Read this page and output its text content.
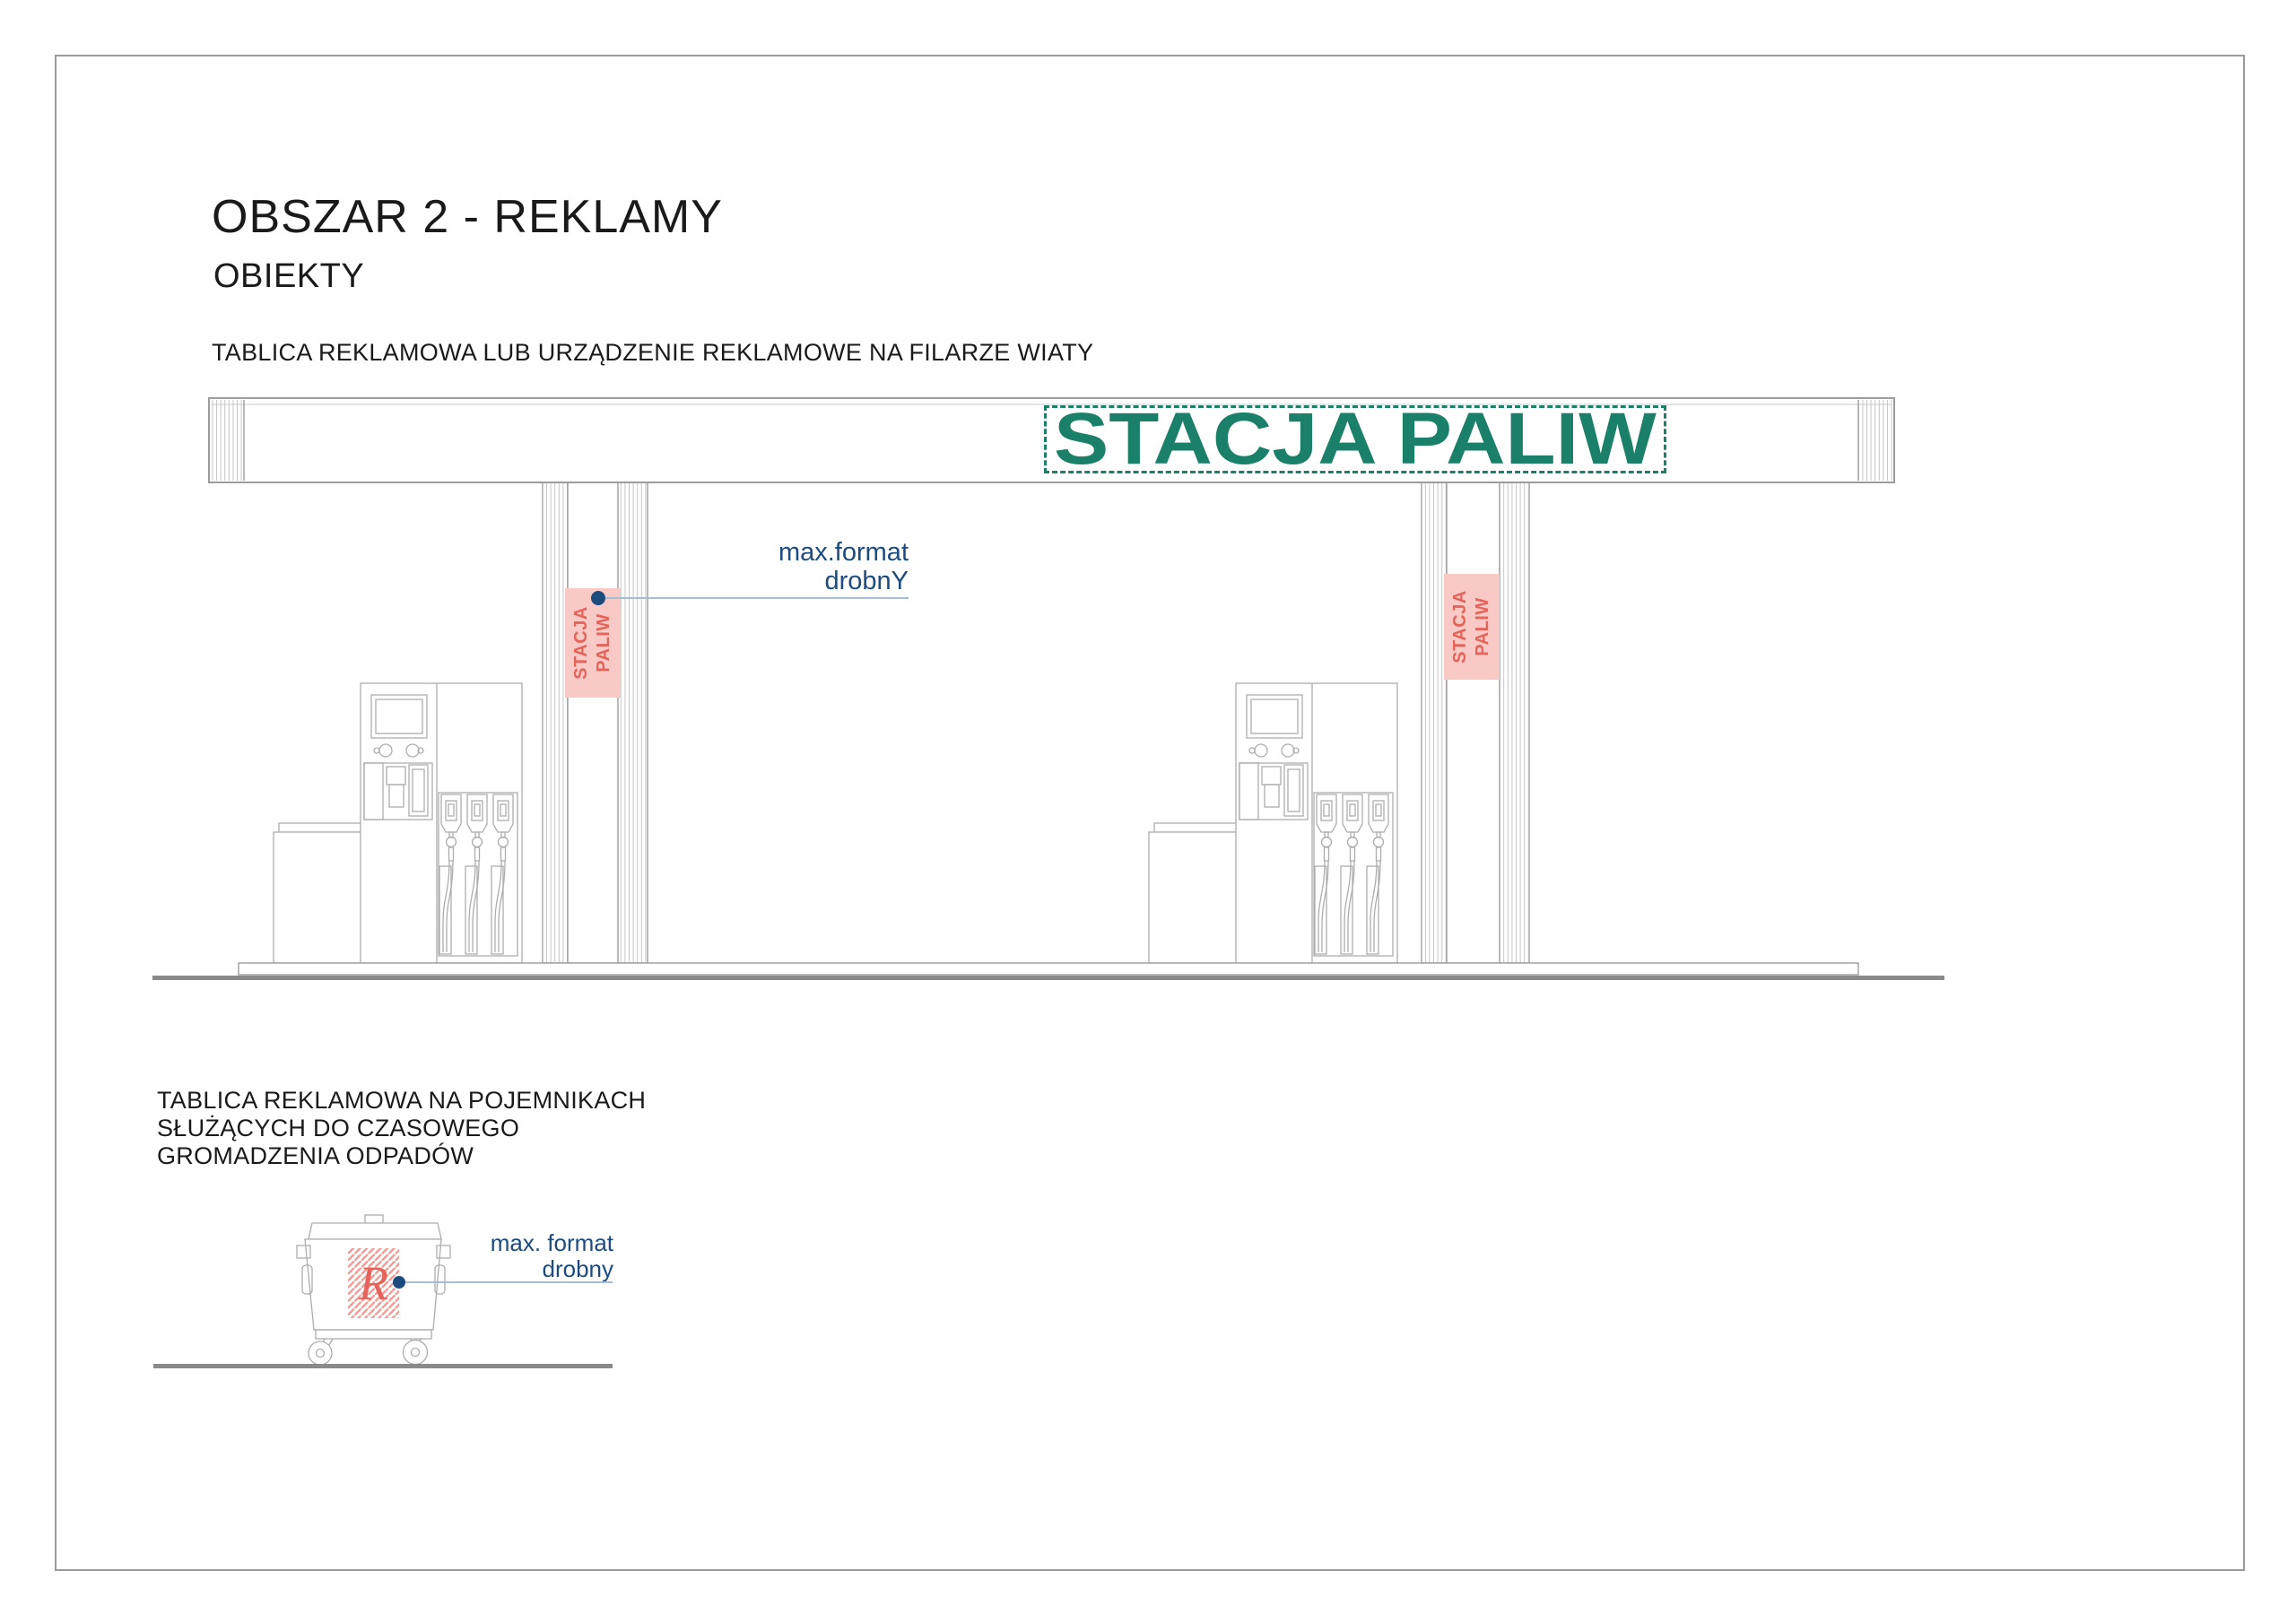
OBSZAR 2 - REKLAMY
OBIEKTY
TABLICA REKLAMOWA LUB URZĄDZENIE REKLAMOWE NA FILARZE WIATY
STACJA PALIW
STACJA PALIW	STACJA PALIW
max.format
drobnY
TABLICA REKLAMOWA NA POJEMNIKACH
SŁUŻĄCYCH DO CZASOWEGO
GROMADZENIA ODPADÓW
R
max. format
drobny
